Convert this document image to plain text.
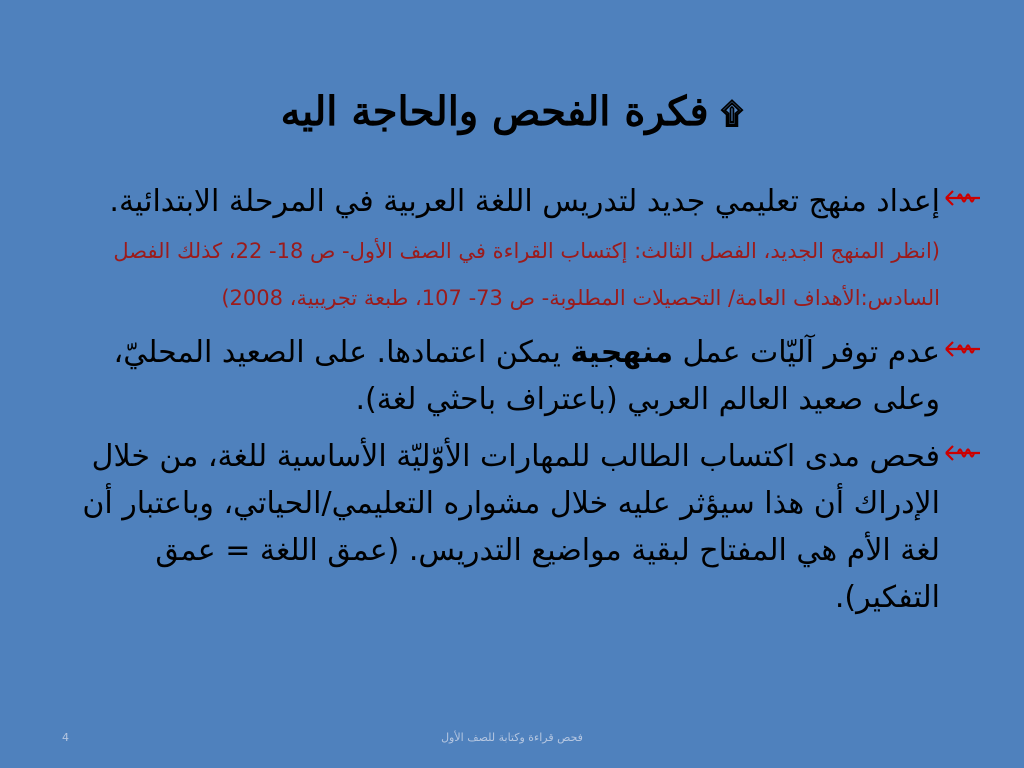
۩فكرة الفحص والحاجة اليه
إعداد منهج تعليمي جديد لتدريس اللغة العربية في المرحلة الابتدائية. (انظر المنهج الجديد، الفصل الثالث: إكتساب القراءة في الصف الأول- ص 18- 22، كذلك الفصل السادس:الأهداف العامة/ التحصيلات المطلوبة- ص 73- 107، طبعة تجريبية، 2008)
عدم توفر آليّات عمل منهجية يمكن اعتمادها. على الصعيد المحليّ، وعلى صعيد العالم العربي (باعتراف باحثي لغة).
فحص مدى اكتساب الطالب للمهارات الأوّليّة الأساسية للغة، من خلال الإدراك أن هذا سيؤثر عليه خلال مشواره التعليمي/الحياتي، وباعتبار أن لغة الأم هي المفتاح لبقية مواضيع التدريس. (عمق اللغة = عمق التفكير).
4	فحص قراءة وكتابة للصف الأول
